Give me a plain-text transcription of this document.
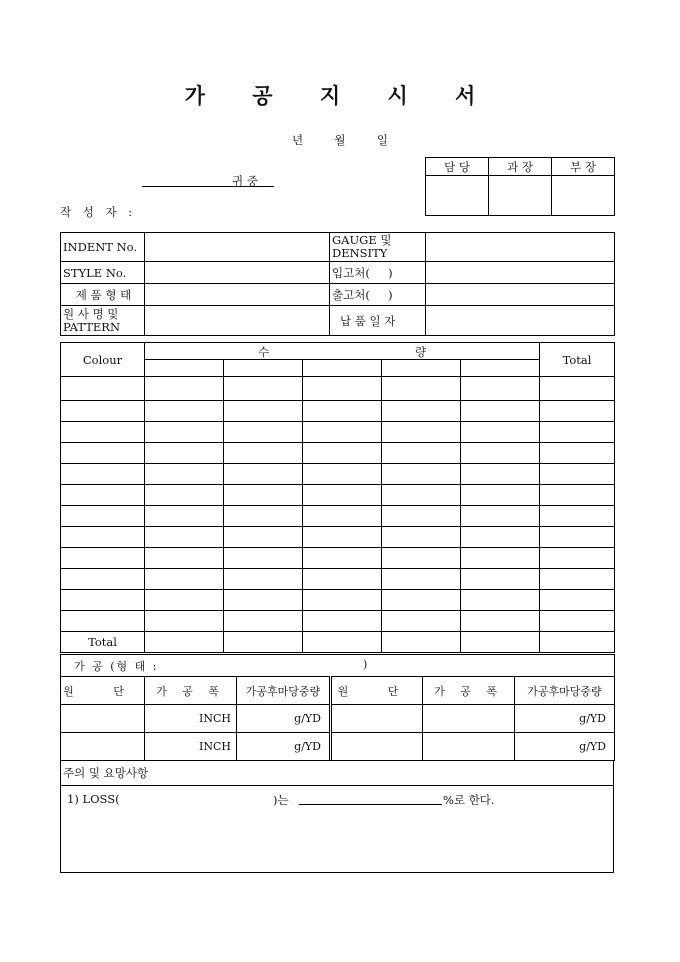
가 공 지 시 서
년	월	일
귀 중
작 성 자 :
담 당	과 장	부 장

INDENT No.		GAUGE 및 DENSITY	
STYLE No.		입고처(     )	
제 품 형 태		출고처(     )	
원 사 명 및 PATTERN		납 품 일 자	
Colour	수 량					Total

Total						
가 공 (형 태 : )					

원 단	가 공 폭	가공후마당중량	원 단	가 공 폭	가공후마당중량
	INCH	g/YD			g/YD
	INCH	g/YD			g/YD
주의 및 요망사항
1) LOSS(	)는	%로 한다.
